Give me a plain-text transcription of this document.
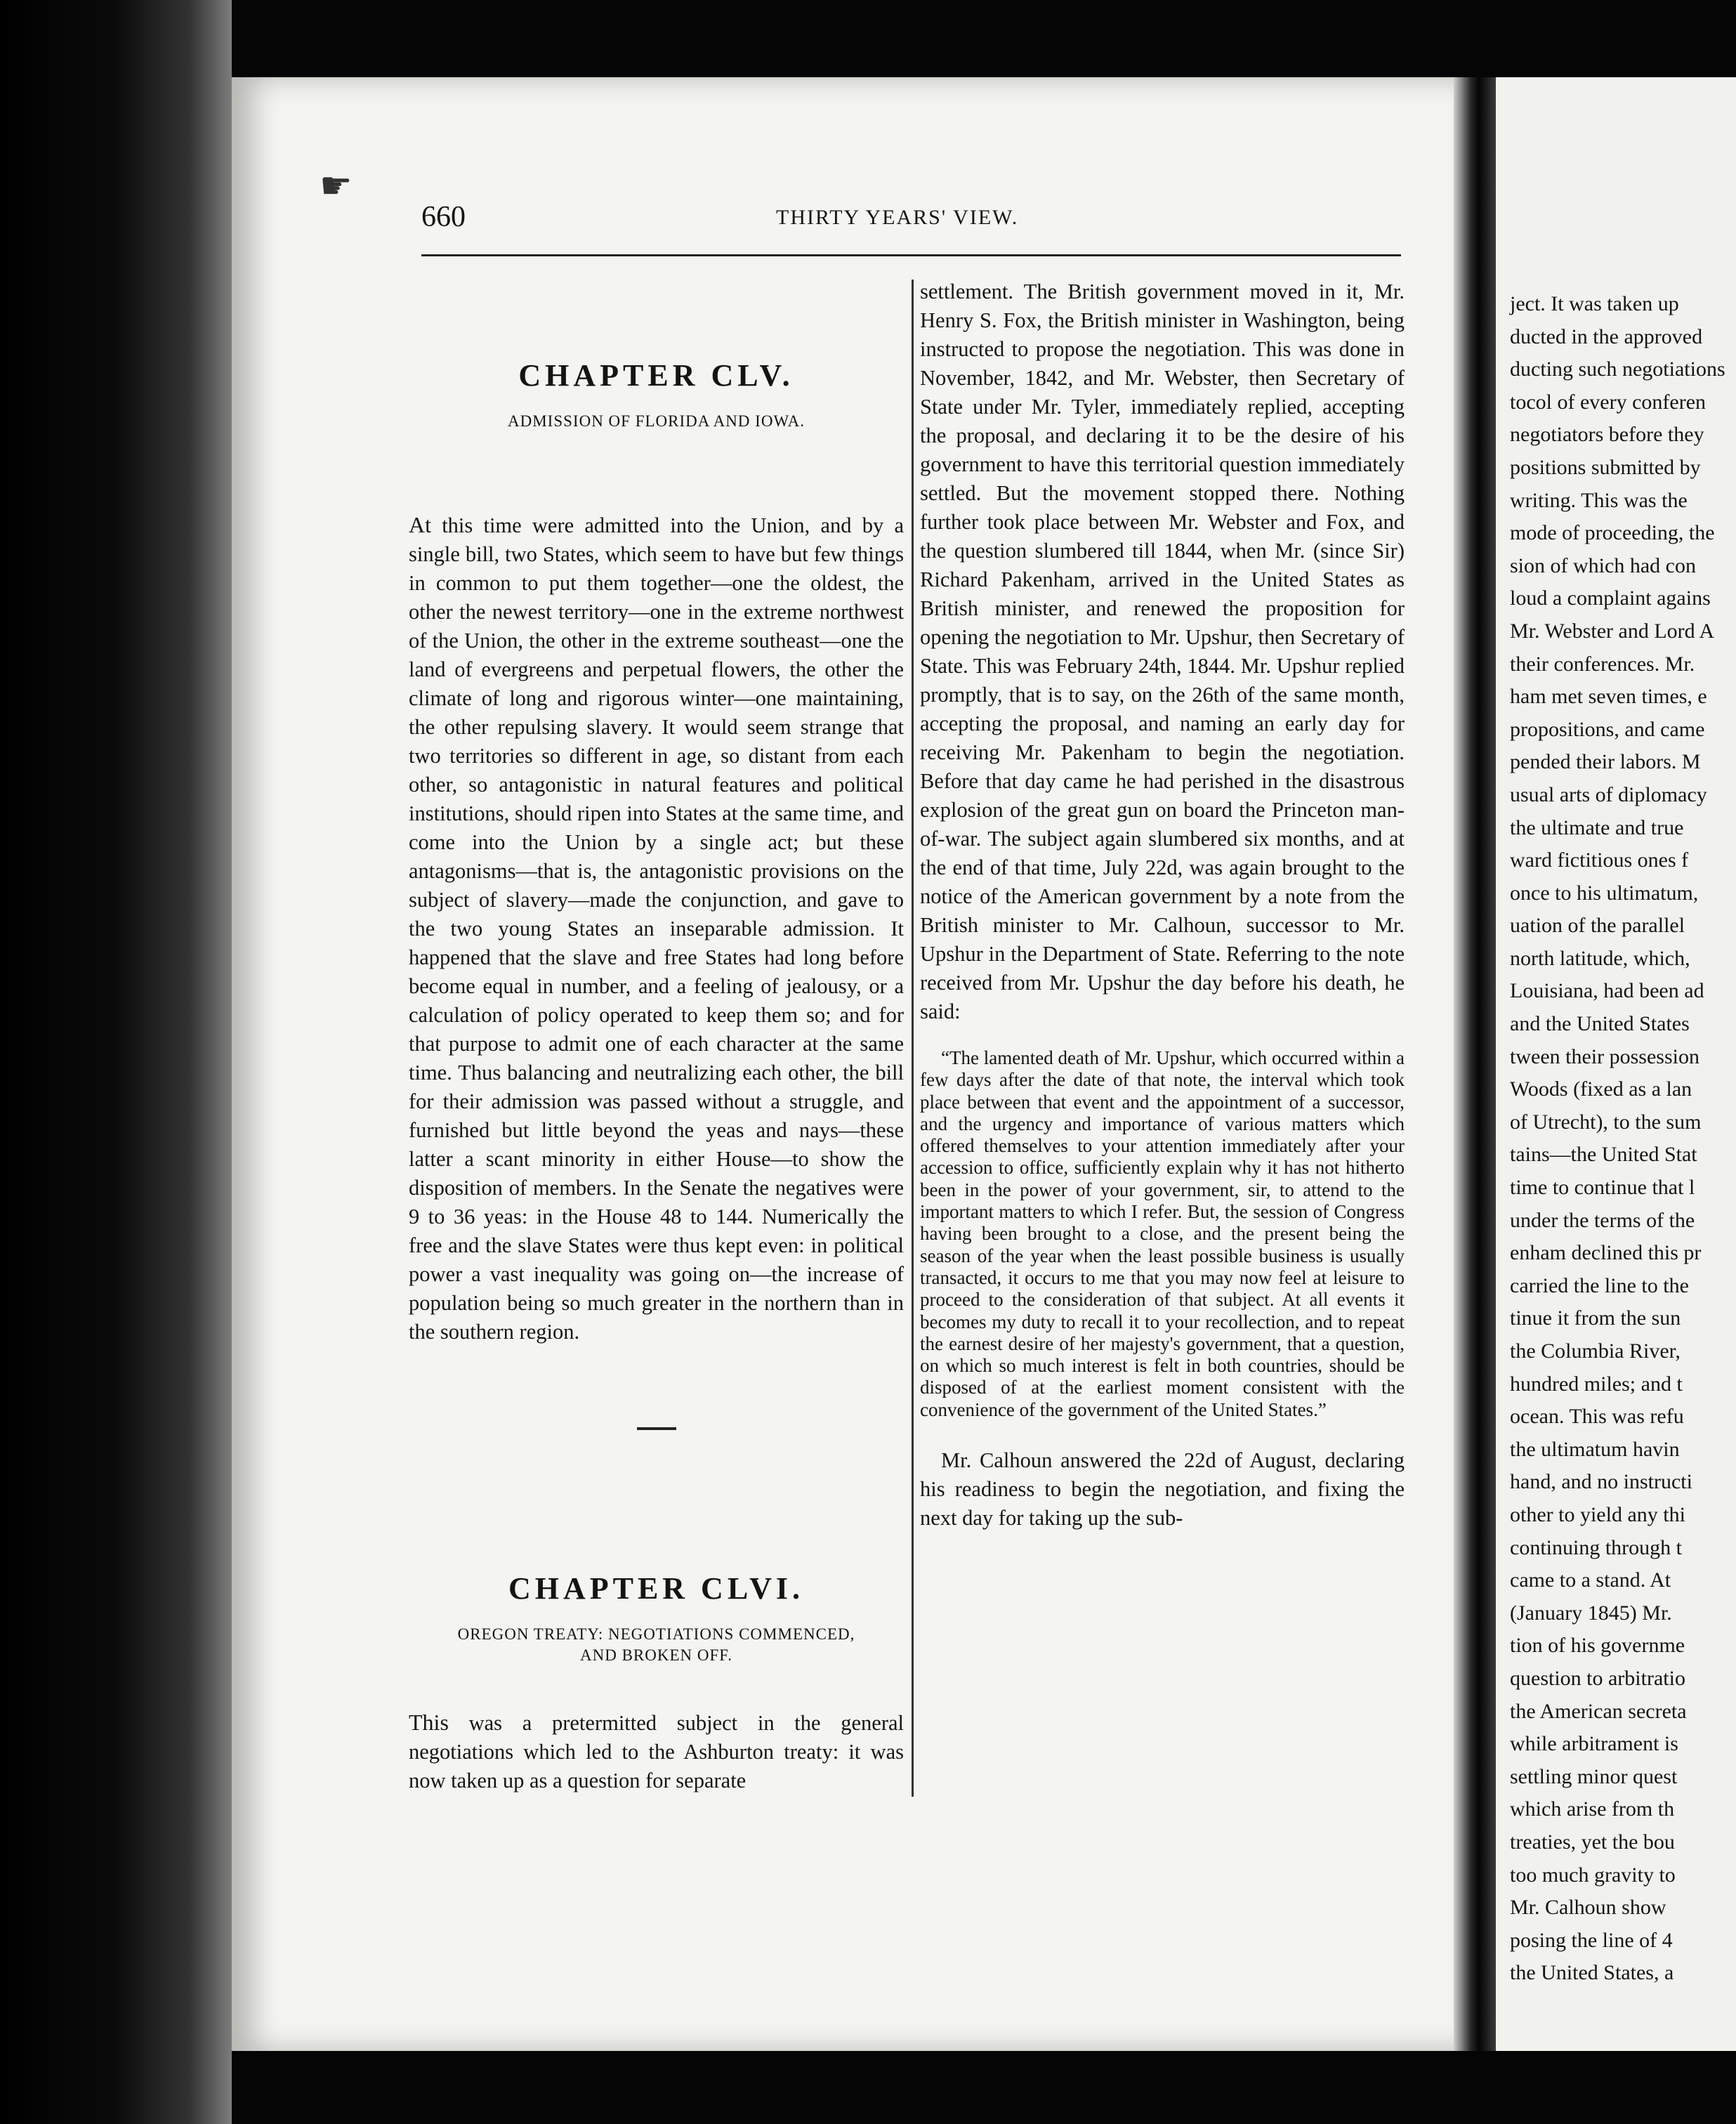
ject. It was taken up
ducted in the approved
ducting such negotiations
tocol of every conferen
negotiators before they
positions submitted by
writing. This was the
mode of proceeding, the
sion of which had con
loud a complaint agains
Mr. Webster and Lord A
their conferences. Mr.
ham met seven times, e
propositions, and came
pended their labors. M
usual arts of diplomacy
the ultimate and true
ward fictitious ones f
once to his ultimatum,
uation of the parallel
north latitude, which,
Louisiana, had been ad
and the United States
tween their possession
Woods (fixed as a lan
of Utrecht), to the sum
tains—the United Stat
time to continue that l
under the terms of the
enham declined this pr
carried the line to the
tinue it from the sun
the Columbia River,
hundred miles; and t
ocean. This was refu
the ultimatum havin
hand, and no instructi
other to yield any thi
continuing through t
came to a stand. At
(January 1845) Mr.
tion of his governme
question to arbitratio
the American secreta
while arbitrament is
settling minor quest
which arise from th
treaties, yet the bou
too much gravity to
Mr. Calhoun show
posing the line of 4
the United States, a
☛
660	THIRTY YEARS' VIEW.
CHAPTER CLV.
ADMISSION OF FLORIDA AND IOWA.

At this time were admitted into the Union, and by a single bill, two States, which seem to have but few things in common to put them together—one the oldest, the other the newest territory—one in the extreme northwest of the Union, the other in the extreme southeast—one the land of evergreens and perpetual flowers, the other the climate of long and rigorous winter—one maintaining, the other repulsing slavery. It would seem strange that two territories so different in age, so distant from each other, so antagonistic in natural features and political institutions, should ripen into States at the same time, and come into the Union by a single act; but these antagonisms—that is, the antagonistic provisions on the subject of slavery—made the conjunction, and gave to the two young States an inseparable admission. It happened that the slave and free States had long before become equal in number, and a feeling of jealousy, or a calculation of policy operated to keep them so; and for that purpose to admit one of each character at the same time. Thus balancing and neutralizing each other, the bill for their admission was passed without a struggle, and furnished but little beyond the yeas and nays—these latter a scant minority in either House—to show the disposition of members. In the Senate the negatives were 9 to 36 yeas: in the House 48 to 144. Numerically the free and the slave States were thus kept even: in political power a vast inequality was going on—the increase of population being so much greater in the northern than in the southern region.

CHAPTER CLVI.
OREGON TREATY: NEGOTIATIONS COMMENCED,
AND BROKEN OFF.

This was a pretermitted subject in the general negotiations which led to the Ashburton treaty: it was now taken up as a question for separate

settlement. The British government moved in it, Mr. Henry S. Fox, the British minister in Washington, being instructed to propose the negotiation. This was done in November, 1842, and Mr. Webster, then Secretary of State under Mr. Tyler, immediately replied, accepting the proposal, and declaring it to be the desire of his government to have this territorial question immediately settled. But the movement stopped there. Nothing further took place between Mr. Webster and Fox, and the question slumbered till 1844, when Mr. (since Sir) Richard Pakenham, arrived in the United States as British minister, and renewed the proposition for opening the negotiation to Mr. Upshur, then Secretary of State. This was February 24th, 1844. Mr. Upshur replied promptly, that is to say, on the 26th of the same month, accepting the proposal, and naming an early day for receiving Mr. Pakenham to begin the negotiation. Before that day came he had perished in the disastrous explosion of the great gun on board the Princeton man-of-war. The subject again slumbered six months, and at the end of that time, July 22d, was again brought to the notice of the American government by a note from the British minister to Mr. Calhoun, successor to Mr. Upshur in the Department of State. Referring to the note received from Mr. Upshur the day before his death, he said:

“The lamented death of Mr. Upshur, which occurred within a few days after the date of that note, the interval which took place between that event and the appointment of a successor, and the urgency and importance of various matters which offered themselves to your attention immediately after your accession to office, sufficiently explain why it has not hitherto been in the power of your government, sir, to attend to the important matters to which I refer. But, the session of Congress having been brought to a close, and the present being the season of the year when the least possible business is usually transacted, it occurs to me that you may now feel at leisure to proceed to the consideration of that subject. At all events it becomes my duty to recall it to your recollection, and to repeat the earnest desire of her majesty's government, that a question, on which so much interest is felt in both countries, should be disposed of at the earliest moment consistent with the convenience of the government of the United States.”

Mr. Calhoun answered the 22d of August, declaring his readiness to begin the negotiation, and fixing the next day for taking up the sub-
